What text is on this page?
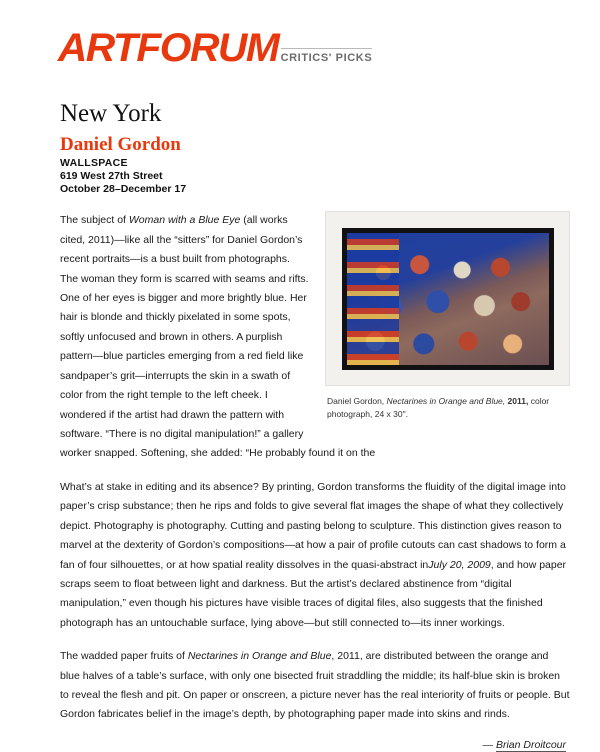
ARTFORUM CRITICS' PICKS
New York
Daniel Gordon
WALLSPACE
619 West 27th Street
October 28–December 17
Daniel Gordon, Nectarines in Orange and Blue, 2011, color photograph, 24 x 30".

The subject of Woman with a Blue Eye (all works cited, 2011)—like all the “sitters” for Daniel Gordon’s recent portraits—is a bust built from photographs. The woman they form is scarred with seams and rifts. One of her eyes is bigger and more brightly blue. Her hair is blonde and thickly pixelated in some spots, softly unfocused and brown in others. A purplish pattern—blue particles emerging from a red field like sandpaper’s grit—interrupts the skin in a swath of color from the right temple to the left cheek. I wondered if the artist had drawn the pattern with software. “There is no digital manipulation!” a gallery worker snapped. Softening, she added: “He probably found it on the

What’s at stake in editing and its absence? By printing, Gordon transforms the fluidity of the digital image into paper’s crisp substance; then he rips and folds to give several flat images the shape of what they collectively depict. Photography is photography. Cutting and pasting belong to sculpture. This distinction gives reason to marvel at the dexterity of Gordon’s compositions—at how a pair of profile cutouts can cast shadows to form a fan of four silhouettes, or at how spatial reality dissolves in the quasi-abstract inJuly 20, 2009, and how paper scraps seem to float between light and darkness. But the artist’s declared abstinence from “digital manipulation,” even though his pictures have visible traces of digital files, also suggests that the finished photograph has an untouchable surface, lying above—but still connected to—its inner workings.

The wadded paper fruits of Nectarines in Orange and Blue, 2011, are distributed between the orange and blue halves of a table’s surface, with only one bisected fruit straddling the middle; its half-blue skin is broken to reveal the flesh and pit. On paper or onscreen, a picture never has the real interiority of fruits or people. But Gordon fabricates belief in the image’s depth, by photographing paper made into skins and rinds.

— Brian Droitcour
